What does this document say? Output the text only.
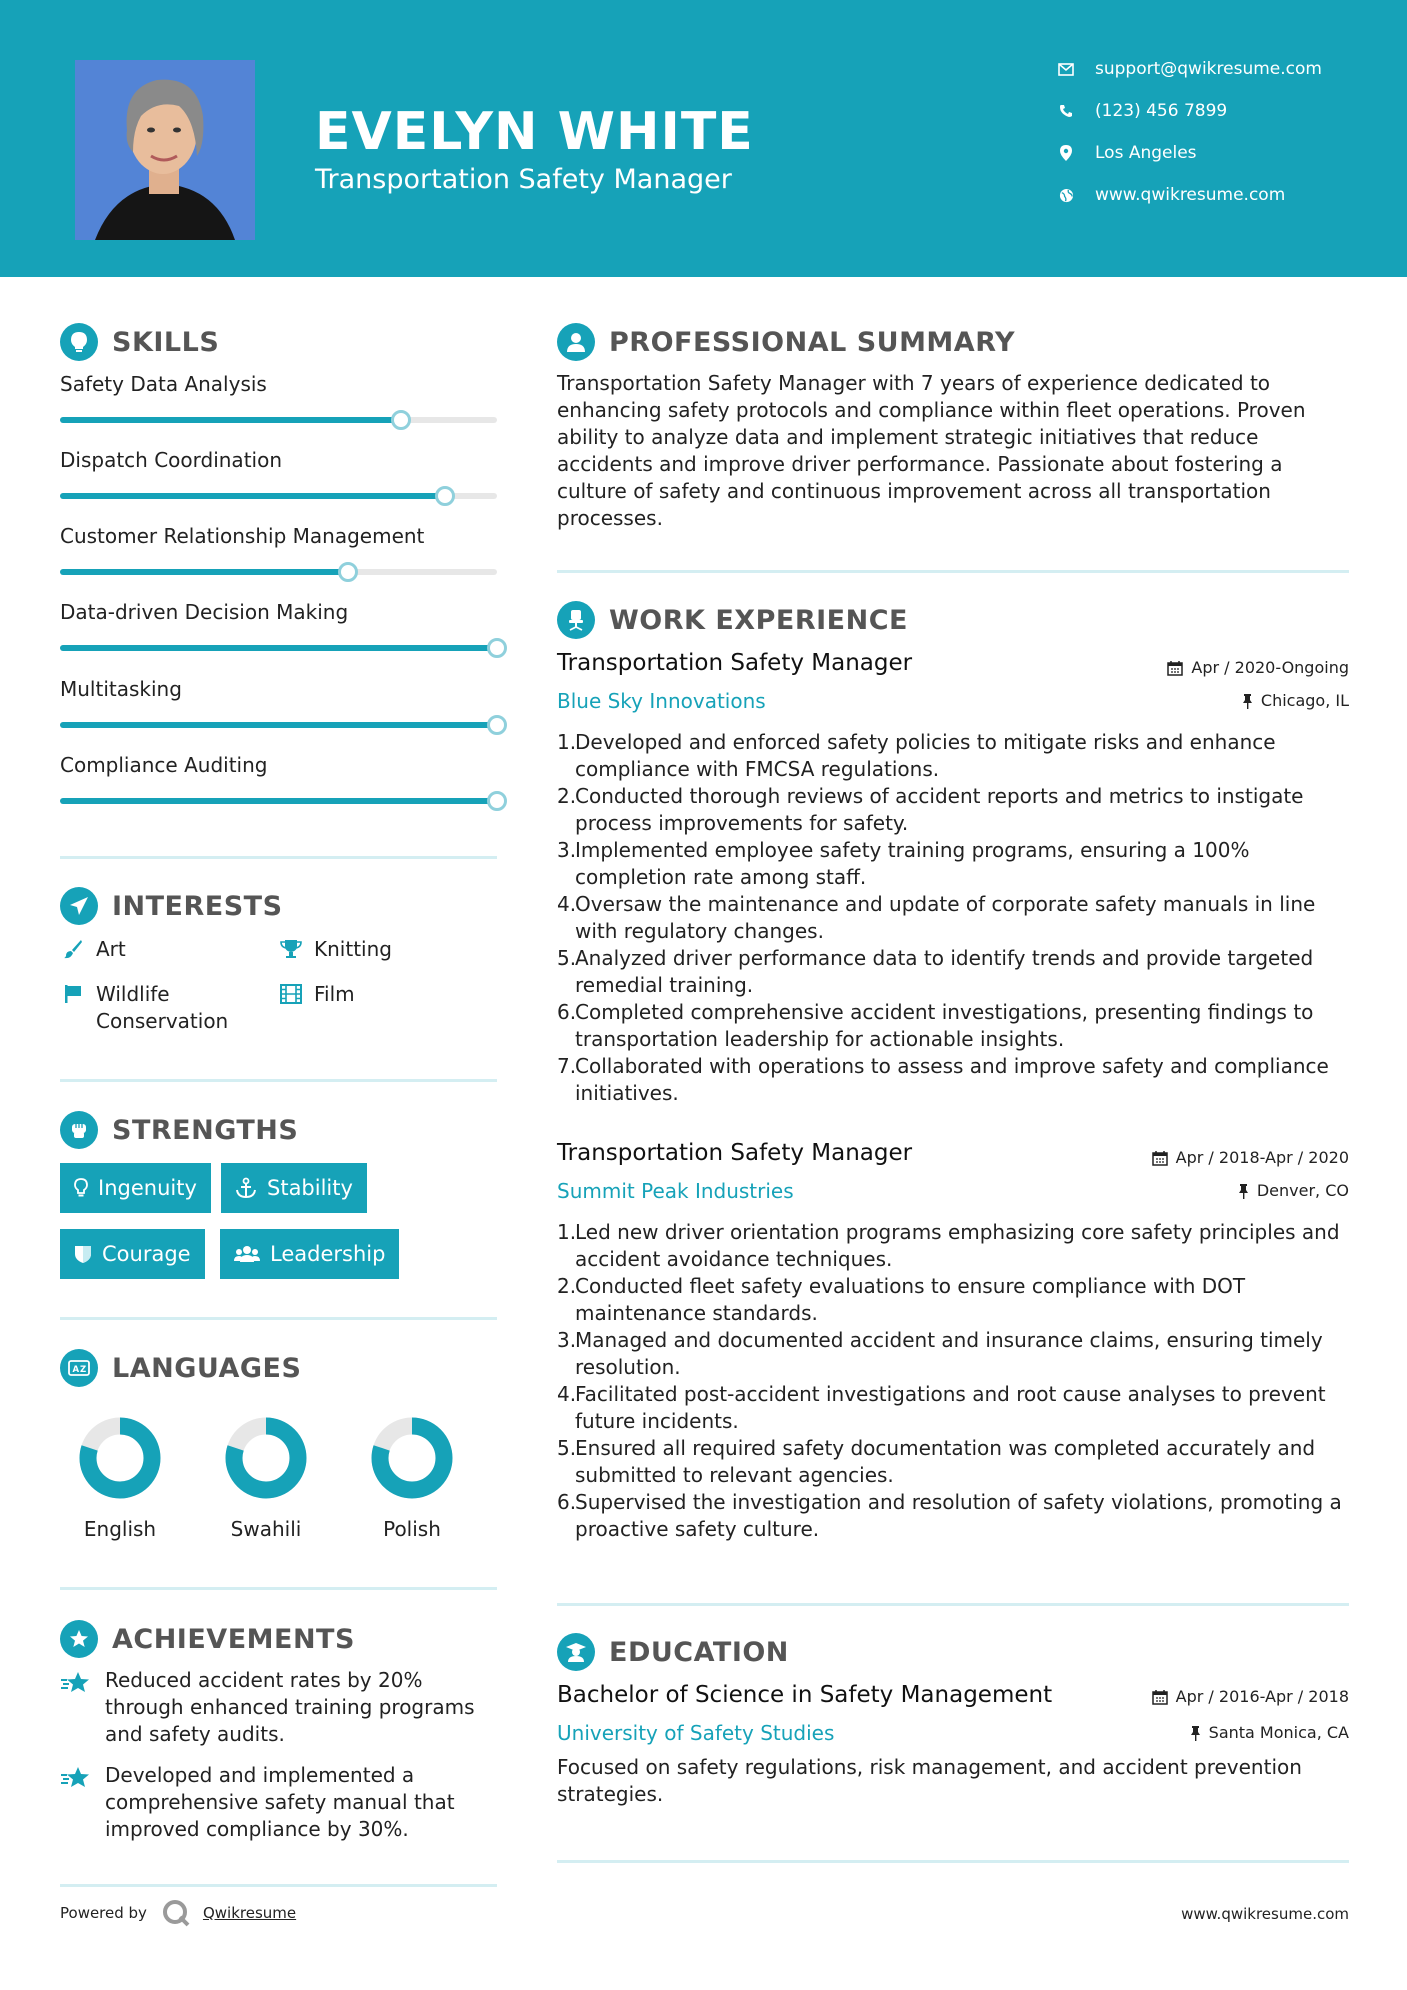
EVELYN WHITE
Transportation Safety Manager
support@qwikresume.com
(123) 456 7899
Los Angeles
www.qwikresume.com
SKILLS
Safety Data Analysis
Dispatch Coordination
Customer Relationship Management
Data-driven Decision Making
Multitasking
Compliance Auditing
INTERESTS
Art	Knitting
Wildlife
Conservation
Film
STRENGTHS
Ingenuity	Stability
Courage	Leadership
A Z LANGUAGES
English	Swahili	Polish
ACHIEVEMENTS
Reduced accident rates by 20% through enhanced training programs and safety audits.
Developed and implemented a comprehensive safety manual that improved compliance by 30%.
PROFESSIONAL SUMMARY
Transportation Safety Manager with 7 years of experience dedicated to enhancing safety protocols and compliance within fleet operations. Proven ability to analyze data and implement strategic initiatives that reduce accidents and improve driver performance. Passionate about fostering a culture of safety and continuous improvement across all transportation processes.
WORK EXPERIENCE
Transportation Safety Manager	Apr / 2020-Ongoing
Blue Sky Innovations	Chicago, IL
1.
Developed and enforced safety policies to mitigate risks and enhance compliance with FMCSA regulations.
2.
Conducted thorough reviews of accident reports and metrics to instigate process improvements for safety.
3.
Implemented employee safety training programs, ensuring a 100% completion rate among staff.
4.
Oversaw the maintenance and update of corporate safety manuals in line with regulatory changes.
5.
Analyzed driver performance data to identify trends and provide targeted remedial training.
6.
Completed comprehensive accident investigations, presenting findings to transportation leadership for actionable insights.
7.
Collaborated with operations to assess and improve safety and compliance initiatives.
Transportation Safety Manager	Apr / 2018-Apr / 2020
Summit Peak Industries	Denver, CO
1.
Led new driver orientation programs emphasizing core safety principles and accident avoidance techniques.
2.
Conducted fleet safety evaluations to ensure compliance with DOT maintenance standards.
3.
Managed and documented accident and insurance claims, ensuring timely resolution.
4.
Facilitated post-accident investigations and root cause analyses to prevent future incidents.
5.
Ensured all required safety documentation was completed accurately and submitted to relevant agencies.
6.
Supervised the investigation and resolution of safety violations, promoting a proactive safety culture.
EDUCATION
Bachelor of Science in Safety Management	Apr / 2016-Apr / 2018
University of Safety Studies	Santa Monica, CA
Focused on safety regulations, risk management, and accident prevention strategies.
Powered by	Qwikresume	www.qwikresume.com
